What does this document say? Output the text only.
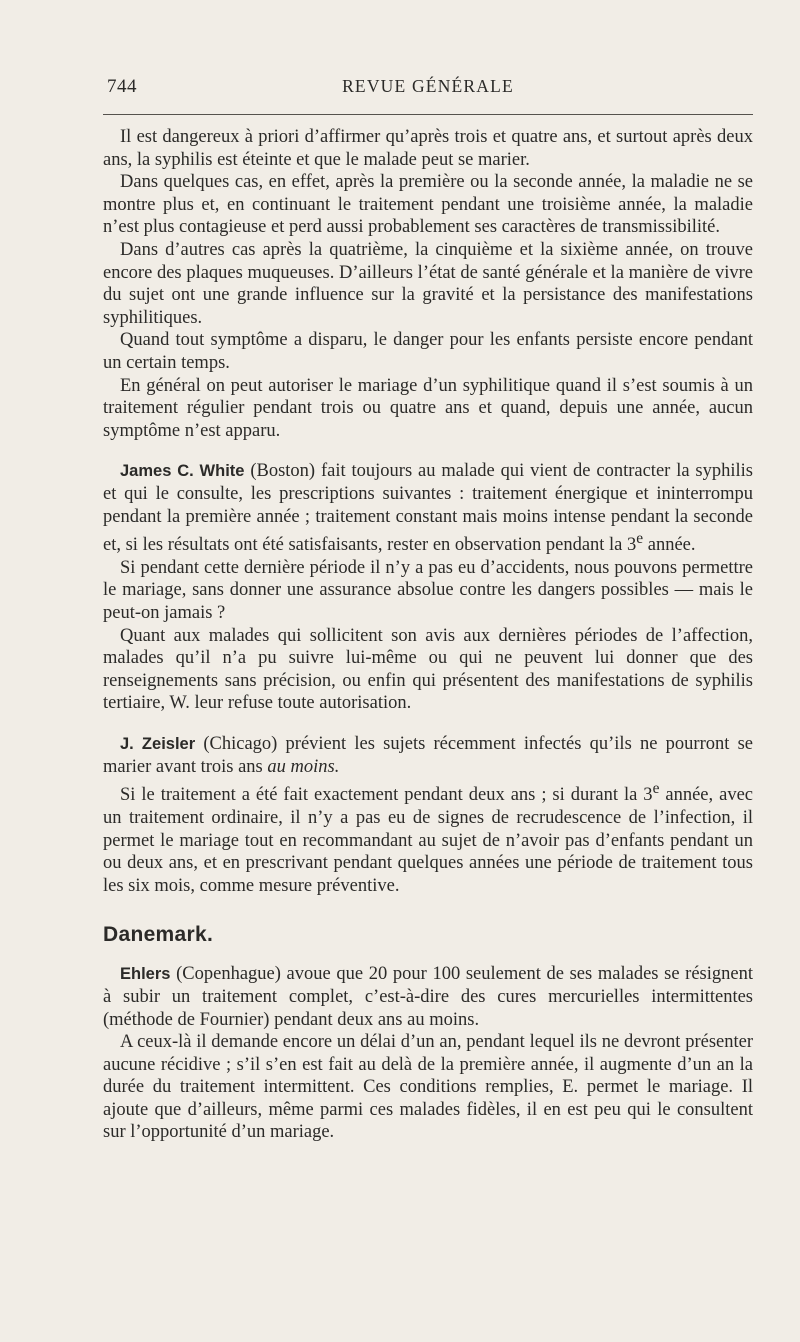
744	REVUE GÉNÉRALE

Il est dangereux à priori d’affirmer qu’après trois et quatre ans, et surtout après deux ans, la syphilis est éteinte et que le malade peut se marier.

Dans quelques cas, en effet, après la première ou la seconde année, la maladie ne se montre plus et, en continuant le traitement pendant une troisième année, la maladie n’est plus contagieuse et perd aussi probablement ses caractères de transmissibilité.

Dans d’autres cas après la quatrième, la cinquième et la sixième année, on trouve encore des plaques muqueuses. D’ailleurs l’état de santé générale et la manière de vivre du sujet ont une grande influence sur la gravité et la persistance des manifestations syphilitiques.

Quand tout symptôme a disparu, le danger pour les enfants persiste encore pendant un certain temps.

En général on peut autoriser le mariage d’un syphilitique quand il s’est soumis à un traitement régulier pendant trois ou quatre ans et quand, depuis une année, aucun symptôme n’est apparu.

James C. White (Boston) fait toujours au malade qui vient de contracter la syphilis et qui le consulte, les prescriptions suivantes : traitement énergique et ininterrompu pendant la première année ; traitement constant mais moins intense pendant la seconde et, si les résultats ont été satisfaisants, rester en observation pendant la 3e année.

Si pendant cette dernière période il n’y a pas eu d’accidents, nous pouvons permettre le mariage, sans donner une assurance absolue contre les dangers possibles — mais le peut-on jamais ?

Quant aux malades qui sollicitent son avis aux dernières périodes de l’affection, malades qu’il n’a pu suivre lui-même ou qui ne peuvent lui donner que des renseignements sans précision, ou enfin qui présentent des manifestations de syphilis tertiaire, W. leur refuse toute autorisation.

J. Zeisler (Chicago) prévient les sujets récemment infectés qu’ils ne pourront se marier avant trois ans au moins.

Si le traitement a été fait exactement pendant deux ans ; si durant la 3e année, avec un traitement ordinaire, il n’y a pas eu de signes de recrudescence de l’infection, il permet le mariage tout en recommandant au sujet de n’avoir pas d’enfants pendant un ou deux ans, et en prescrivant pendant quelques années une période de traitement tous les six mois, comme mesure préventive.

Danemark.

Ehlers (Copenhague) avoue que 20 pour 100 seulement de ses malades se résignent à subir un traitement complet, c’est-à-dire des cures mercurielles intermittentes (méthode de Fournier) pendant deux ans au moins.

A ceux-là il demande encore un délai d’un an, pendant lequel ils ne devront présenter aucune récidive ; s’il s’en est fait au delà de la première année, il augmente d’un an la durée du traitement intermittent. Ces conditions remplies, E. permet le mariage. Il ajoute que d’ailleurs, même parmi ces malades fidèles, il en est peu qui le consultent sur l’opportunité d’un mariage.
